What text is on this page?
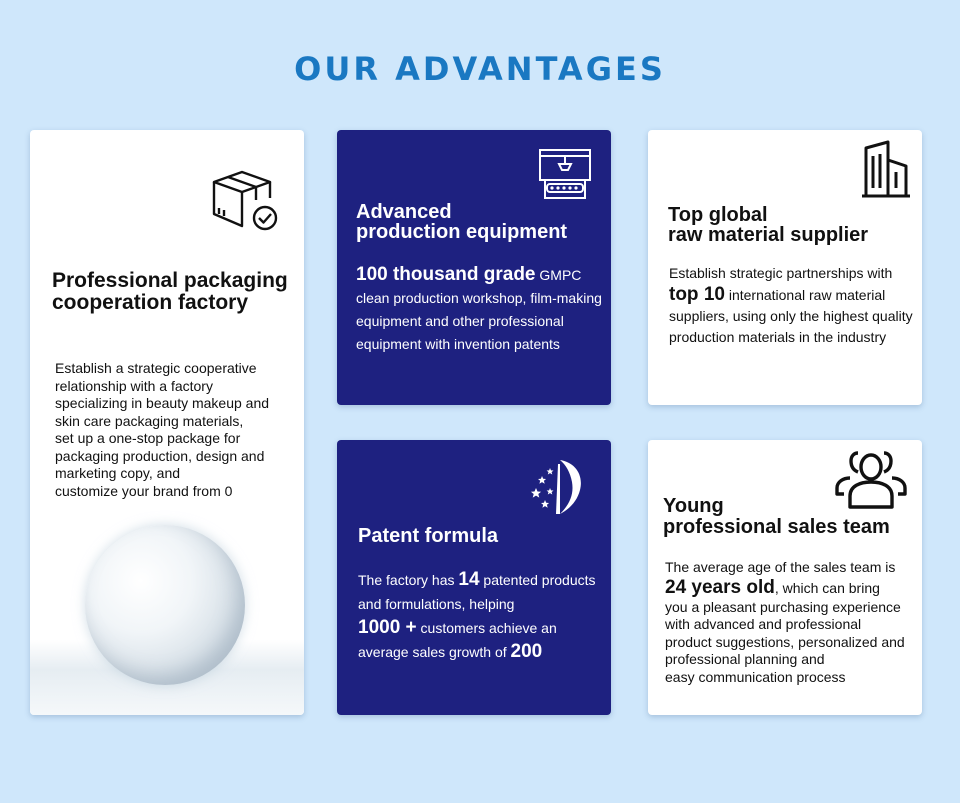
OUR ADVANTAGES
Professional packaging
cooperation factory
Establish a strategic cooperative
relationship with a factory
specializing in beauty makeup and
skin care packaging materials,
set up a one-stop package for
packaging production, design and
marketing copy, and
customize your brand from 0
Advanced
production equipment
100 thousand grade GMPC
clean production workshop, film-making
equipment and other professional
equipment with invention patents
Top global
raw material supplier
Establish strategic partnerships with
top 10 international raw material
suppliers, using only the highest quality
production materials in the industry
Patent formula
The factory has 14 patented products
and formulations, helping
1000 + customers achieve an
average sales growth of 200
Young
professional sales team
The average age of the sales team is
24 years old, which can bring
you a pleasant purchasing experience
with advanced and professional
product suggestions, personalized and
professional planning and
easy communication process
